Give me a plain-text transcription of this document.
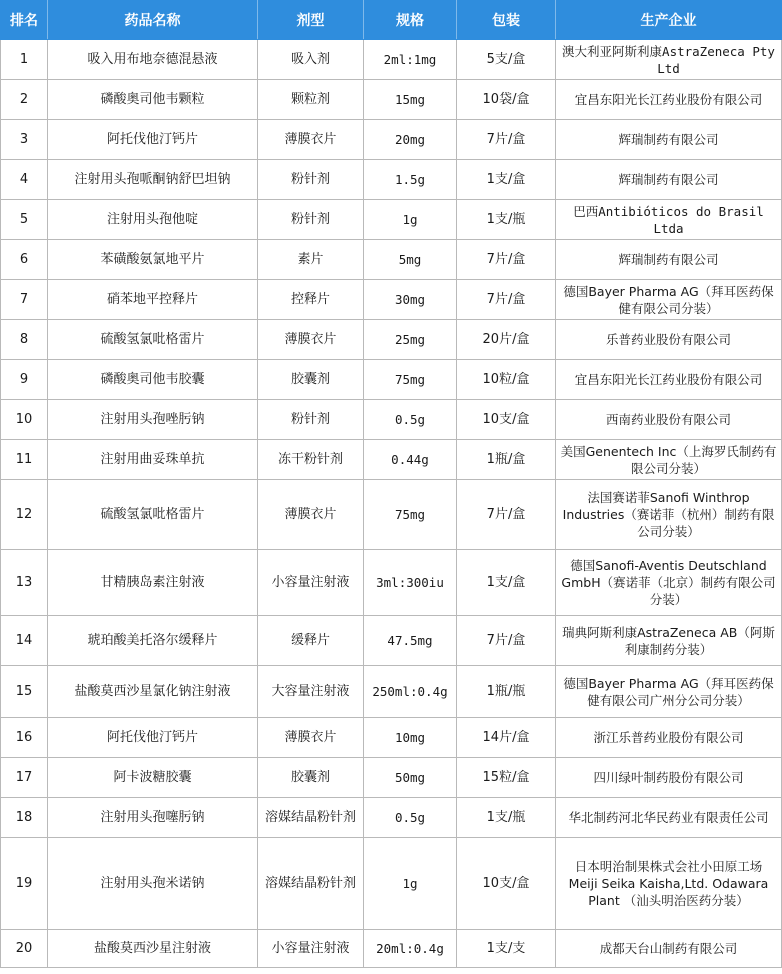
排名	药品名称	剂型	规格	包装	生产企业
1	吸入用布地奈德混悬液	吸入剂	2ml:1mg	5支/盒	澳大利亚阿斯利康AstraZeneca Pty Ltd
2	磷酸奥司他韦颗粒	颗粒剂	15mg	10袋/盒	宜昌东阳光长江药业股份有限公司
3	阿托伐他汀钙片	薄膜衣片	20mg	7片/盒	辉瑞制药有限公司
4	注射用头孢哌酮钠舒巴坦钠	粉针剂	1.5g	1支/盒	辉瑞制药有限公司
5	注射用头孢他啶	粉针剂	1g	1支/瓶	巴西Antibióticos do Brasil Ltda
6	苯磺酸氨氯地平片	素片	5mg	7片/盒	辉瑞制药有限公司
7	硝苯地平控释片	控释片	30mg	7片/盒	德国Bayer Pharma AG（拜耳医药保健有限公司分装）
8	硫酸氢氯吡格雷片	薄膜衣片	25mg	20片/盒	乐普药业股份有限公司
9	磷酸奥司他韦胶囊	胶囊剂	75mg	10粒/盒	宜昌东阳光长江药业股份有限公司
10	注射用头孢唑肟钠	粉针剂	0.5g	10支/盒	西南药业股份有限公司
11	注射用曲妥珠单抗	冻干粉针剂	0.44g	1瓶/盒	美国Genentech Inc（上海罗氏制药有限公司分装）
12	硫酸氢氯吡格雷片	薄膜衣片	75mg	7片/盒	法国赛诺菲Sanofi Winthrop Industries（赛诺菲（杭州）制药有限公司分装）
13	甘精胰岛素注射液	小容量注射液	3ml:300iu	1支/盒	德国Sanofi-Aventis Deutschland GmbH（赛诺菲（北京）制药有限公司分装）
14	琥珀酸美托洛尔缓释片	缓释片	47.5mg	7片/盒	瑞典阿斯利康AstraZeneca AB（阿斯利康制药分装）
15	盐酸莫西沙星氯化钠注射液	大容量注射液	250ml:0.4g	1瓶/瓶	德国Bayer Pharma AG（拜耳医药保健有限公司广州分公司分装）
16	阿托伐他汀钙片	薄膜衣片	10mg	14片/盒	浙江乐普药业股份有限公司
17	阿卡波糖胶囊	胶囊剂	50mg	15粒/盒	四川绿叶制药股份有限公司
18	注射用头孢噻肟钠	溶媒结晶粉针剂	0.5g	1支/瓶	华北制药河北华民药业有限责任公司
19	注射用头孢米诺钠	溶媒结晶粉针剂	1g	10支/盒	日本明治制果株式会社小田原工场 Meiji Seika Kaisha,Ltd. Odawara Plant （汕头明治医药分装）
20	盐酸莫西沙星注射液	小容量注射液	20ml:0.4g	1支/支	成都天台山制药有限公司
